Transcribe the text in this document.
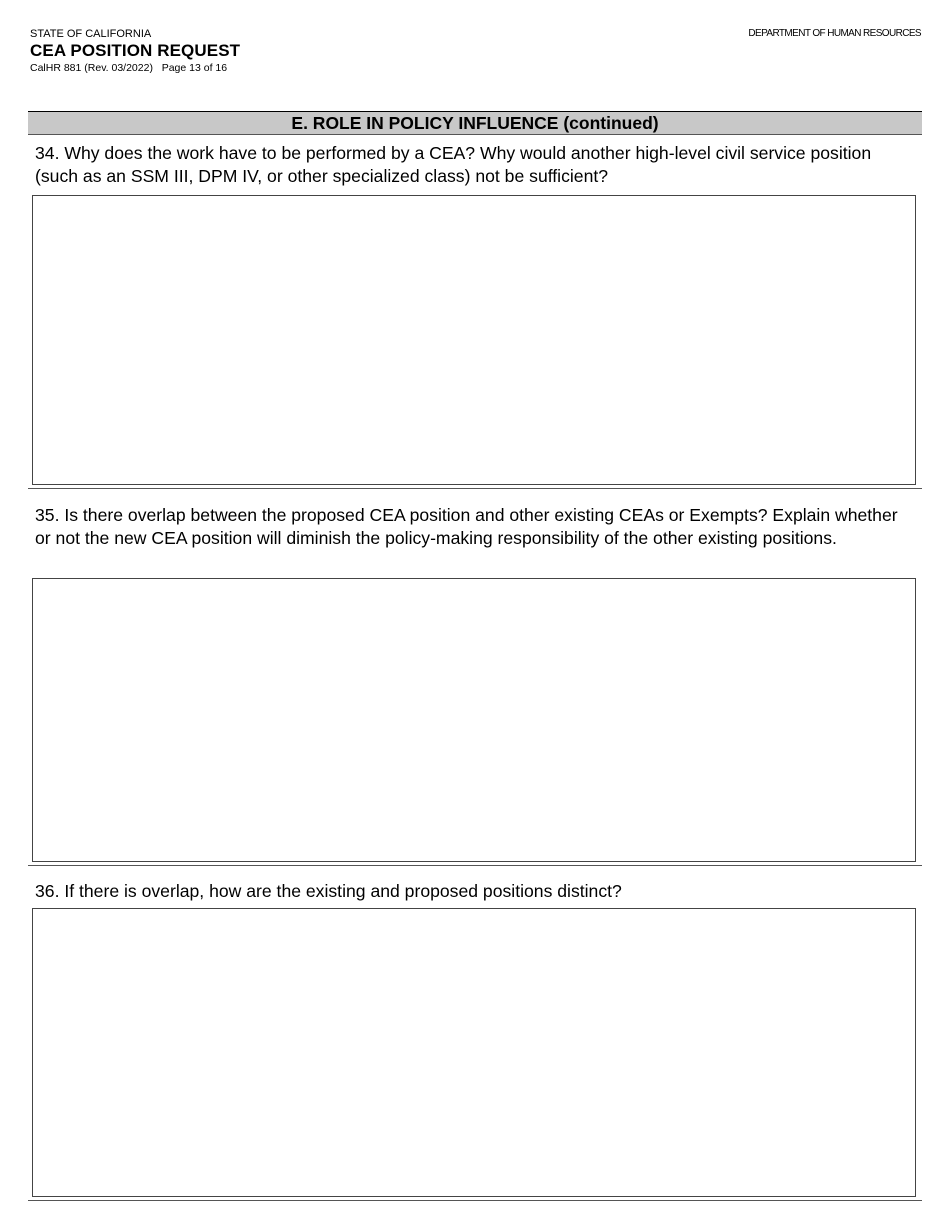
STATE OF CALIFORNIA
CEA POSITION REQUEST
CalHR 881 (Rev. 03/2022)   Page 13 of 16
DEPARTMENT OF HUMAN RESOURCES
E. ROLE IN POLICY INFLUENCE (continued)
34. Why does the work have to be performed by a CEA? Why would another high-level civil service position (such as an SSM III, DPM IV, or other specialized class) not be sufficient?
35. Is there overlap between the proposed CEA position and other existing CEAs or Exempts? Explain whether or not the new CEA position will diminish the policy-making responsibility of the other existing positions.
36. If there is overlap, how are the existing and proposed positions distinct?
